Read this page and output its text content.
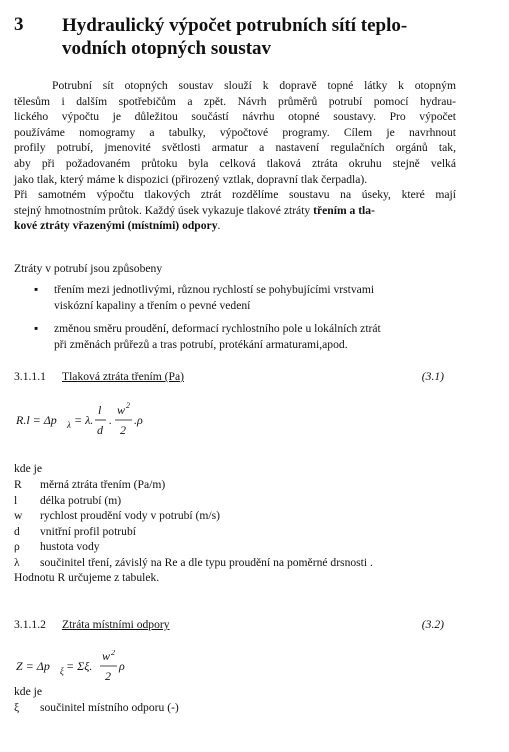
3 Hydraulický výpočet potrubních sítí teplo-
vodních otopných soustav
Potrubní sít otopných soustav slouží k dopravě topné látky k otopným
tělesům i dalším spotřebičům a zpět. Návrh průměrů potrubí pomocí hydrau-
lického výpočtu je důležitou součástí návrhu otopné soustavy. Pro výpočet
používáme nomogramy a tabulky, výpočtové programy. Cílem je navrhnout
profily potrubí, jmenovité světlosti armatur a nastavení regulačních orgánů tak,
aby při požadovaném průtoku byla celková tlaková ztráta okruhu stejně velká
jako tlak, který máme k dispozici (přirozený vztlak, dopravní tlak čerpadla).
Při samotném výpočtu tlakových ztrát rozdělíme soustavu na úseky, které mají
stejný hmotnostním průtok. Každý úsek vykazuje tlakové ztráty třením a tla-
kové ztráty vřazenými (místními) odpory.
Ztráty v potrubí jsou způsobeny
▪ třením mezi jednotlivými, různou rychlostí se pohybujícími vrstvami
viskózní kapaliny a třením o pevné vedení
▪ změnou směru proudění, deformací rychlostního pole u lokálních ztrát
při změnách průřezů a tras potrubí, protékání armaturami,apod.
3.1.1.1 Tlaková ztráta třením (Pa)	(3.1)
R.l = Δp λ = λ.
l
d
.
w 2
2
.ρ
kde je
R měrná ztráta třením (Pa/m)
l délka potrubí (m)
w rychlost proudění vody v potrubí (m/s)
d vnitřní profil potrubí
ρ hustota vody
λ součinitel tření, závislý na Re a dle typu proudění na poměrné drsnosti .
Hodnotu R určujeme z tabulek.
3.1.1.2 Ztráta místními odpory	(3.2)
Z = Δp ξ = Σξ.
w 2
2
ρ
kde je
ξ součinitel místního odporu (-)
